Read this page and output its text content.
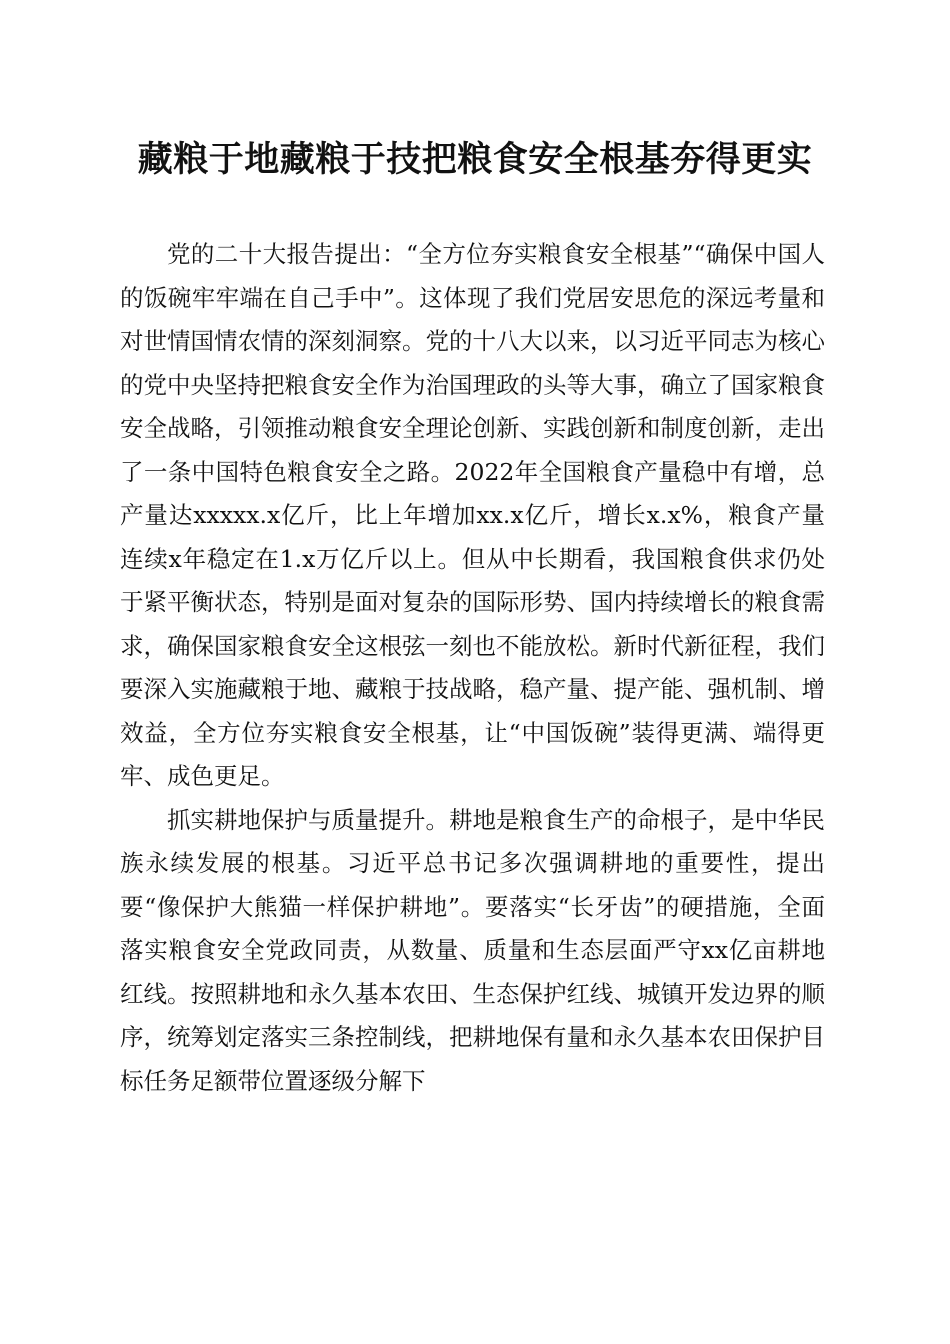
藏粮于地藏粮于技把粮食安全根基夯得更实

党的二十大报告提出：“全方位夯实粮食安全根基”“确保中国人的饭碗牢牢端在自己手中”。这体现了我们党居安思危的深远考量和对世情国情农情的深刻洞察。党的十八大以来，以习近平同志为核心的党中央坚持把粮食安全作为治国理政的头等大事，确立了国家粮食安全战略，引领推动粮食安全理论创新、实践创新和制度创新，走出了一条中国特色粮食安全之路。2022年全国粮食产量稳中有增，总产量达xxxxx.x亿斤，比上年增加xx.x亿斤，增长x.x%，粮食产量连续x年稳定在1.x万亿斤以上。但从中长期看，我国粮食供求仍处于紧平衡状态，特别是面对复杂的国际形势、国内持续增长的粮食需求，确保国家粮食安全这根弦一刻也不能放松。新时代新征程，我们要深入实施藏粮于地、藏粮于技战略，稳产量、提产能、强机制、增效益，全方位夯实粮食安全根基，让“中国饭碗”装得更满、端得更牢、成色更足。

抓实耕地保护与质量提升。耕地是粮食生产的命根子，是中华民族永续发展的根基。习近平总书记多次强调耕地的重要性，提出要“像保护大熊猫一样保护耕地”。要落实“长牙齿”的硬措施，全面落实粮食安全党政同责，从数量、质量和生态层面严守xx亿亩耕地红线。按照耕地和永久基本农田、生态保护红线、城镇开发边界的顺序，统筹划定落实三条控制线，把耕地保有量和永久基本农田保护目标任务足额带位置逐级分解下
